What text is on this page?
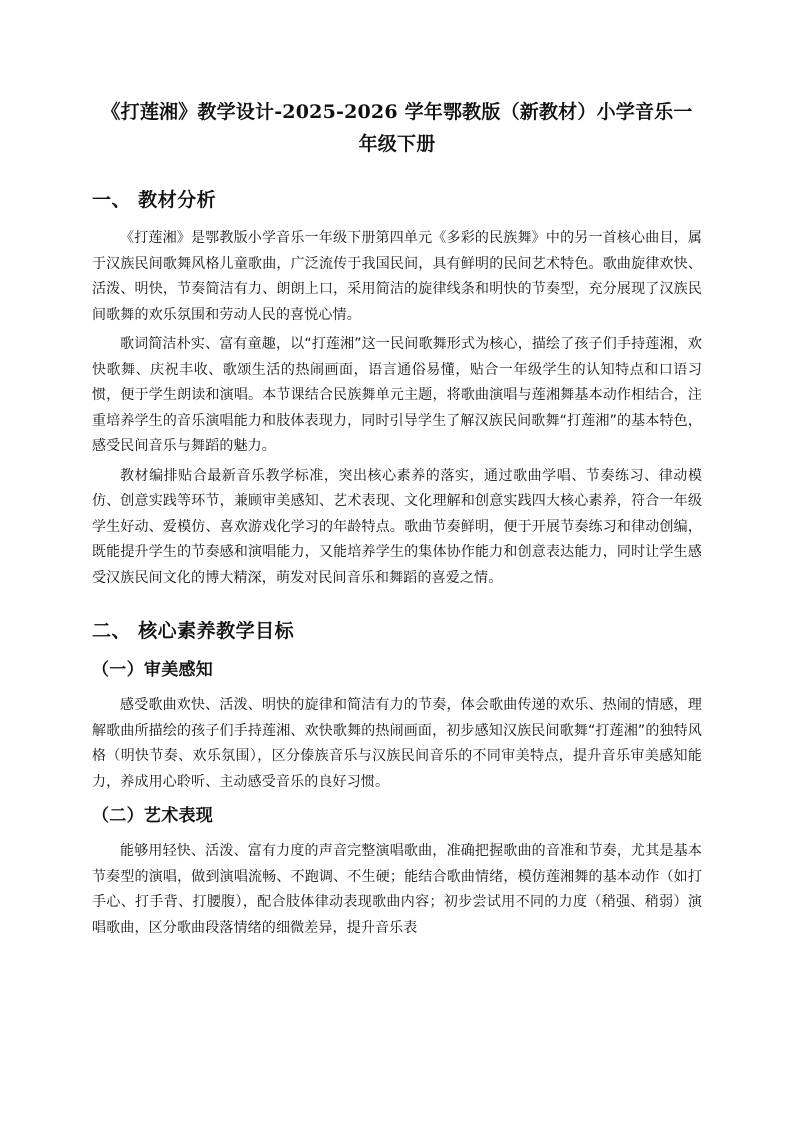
《打莲湘》教学设计-2025-2026 学年鄂教版（新教材）小学音乐一年级下册
一、 教材分析

《打莲湘》是鄂教版小学音乐一年级下册第四单元《多彩的民族舞》中的另一首核心曲目，属于汉族民间歌舞风格儿童歌曲，广泛流传于我国民间，具有鲜明的民间艺术特色。歌曲旋律欢快、活泼、明快，节奏简洁有力、朗朗上口，采用简洁的旋律线条和明快的节奏型，充分展现了汉族民间歌舞的欢乐氛围和劳动人民的喜悦心情。

歌词简洁朴实、富有童趣，以“打莲湘”这一民间歌舞形式为核心，描绘了孩子们手持莲湘，欢快歌舞、庆祝丰收、歌颂生活的热闹画面，语言通俗易懂，贴合一年级学生的认知特点和口语习惯，便于学生朗读和演唱。本节课结合民族舞单元主题，将歌曲演唱与莲湘舞基本动作相结合，注重培养学生的音乐演唱能力和肢体表现力，同时引导学生了解汉族民间歌舞“打莲湘”的基本特色，感受民间音乐与舞蹈的魅力。

教材编排贴合最新音乐教学标准，突出核心素养的落实，通过歌曲学唱、节奏练习、律动模仿、创意实践等环节，兼顾审美感知、艺术表现、文化理解和创意实践四大核心素养，符合一年级学生好动、爱模仿、喜欢游戏化学习的年龄特点。歌曲节奏鲜明，便于开展节奏练习和律动创编，既能提升学生的节奏感和演唱能力，又能培养学生的集体协作能力和创意表达能力，同时让学生感受汉族民间文化的博大精深，萌发对民间音乐和舞蹈的喜爱之情。

二、 核心素养教学目标
（一）审美感知

感受歌曲欢快、活泼、明快的旋律和简洁有力的节奏，体会歌曲传递的欢乐、热闹的情感，理解歌曲所描绘的孩子们手持莲湘、欢快歌舞的热闹画面，初步感知汉族民间歌舞“打莲湘”的独特风格（明快节奏、欢乐氛围），区分傣族音乐与汉族民间音乐的不同审美特点，提升音乐审美感知能力，养成用心聆听、主动感受音乐的良好习惯。

（二）艺术表现

能够用轻快、活泼、富有力度的声音完整演唱歌曲，准确把握歌曲的音准和节奏，尤其是基本节奏型的演唱，做到演唱流畅、不跑调、不生硬；能结合歌曲情绪，模仿莲湘舞的基本动作（如打手心、打手背、打腰腹），配合肢体律动表现歌曲内容；初步尝试用不同的力度（稍强、稍弱）演唱歌曲，区分歌曲段落情绪的细微差异，提升音乐表
